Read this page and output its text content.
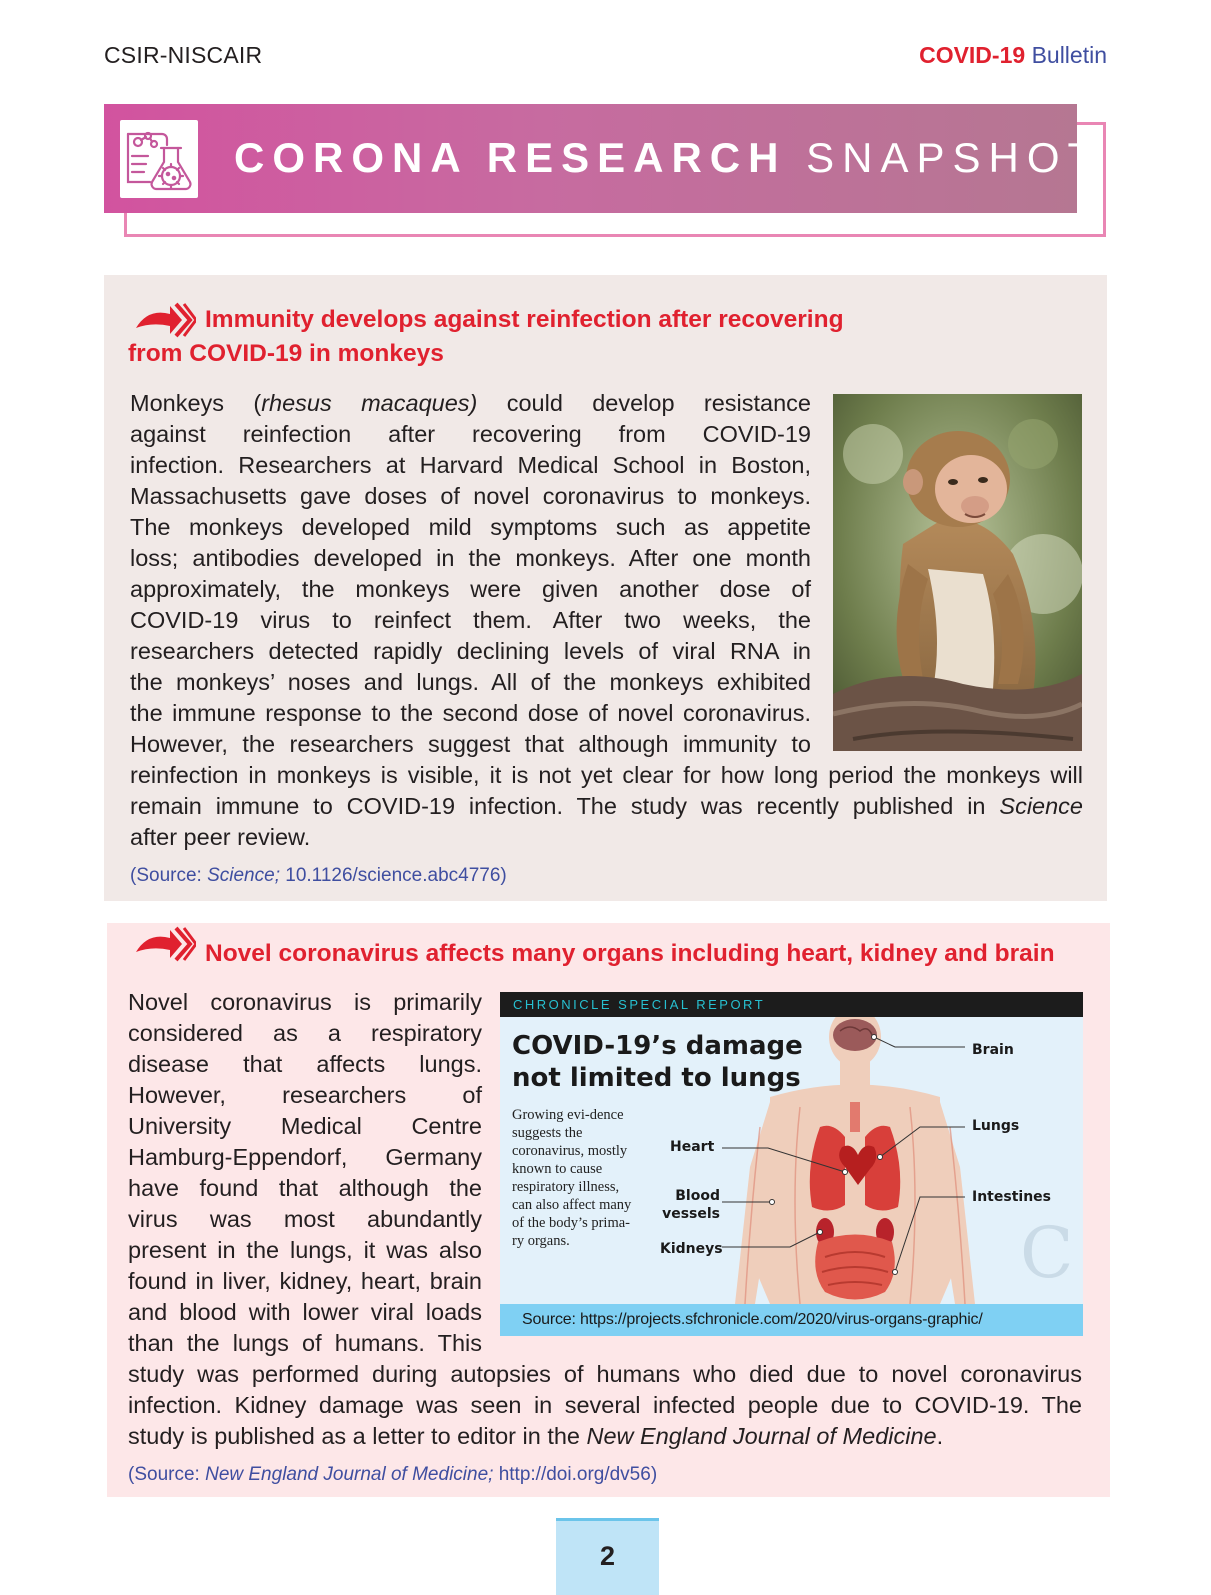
CSIR-NISCAIR	COVID-19 Bulletin
CORONA RESEARCH SNAPSHOT
Immunity develops against reinfection after recovering
from COVID-19 in monkeys
Monkeys (rhesus macaques) could develop resistance
against reinfection after recovering from COVID-19
infection. Researchers at Harvard Medical School in Boston,
Massachusetts gave doses of novel coronavirus to monkeys.
The monkeys developed mild symptoms such as appetite
loss; antibodies developed in the monkeys. After one month
approximately, the monkeys were given another dose of
COVID-19 virus to reinfect them. After two weeks, the
researchers detected rapidly declining levels of viral RNA in
the monkeys’ noses and lungs. All of the monkeys exhibited
the immune response to the second dose of novel coronavirus.
However, the researchers suggest that although immunity to
reinfection in monkeys is visible, it is not yet clear for how long period the monkeys will
remain immune to COVID-19 infection. The study was recently published in Science
after peer review.
(Source: Science; 10.1126/science.abc4776)
Novel coronavirus affects many organs including heart, kidney and brain
Novel coronavirus is primarily
considered as a respiratory
disease that affects lungs.
However, researchers of
University Medical Centre
Hamburg-Eppendorf, Germany
have found that although the
virus was most abundantly
present in the lungs, it was also
found in liver, kidney, heart, brain
and blood with lower viral loads
than the lungs of humans. This
study was performed during autopsies of humans who died due to novel coronavirus
infection. Kidney damage was seen in several infected people due to COVID-19. The
study is published as a letter to editor in the New England Journal of Medicine.
(Source: New England Journal of Medicine; http://doi.org/dv56)
CHRONICLE SPECIAL REPORT
C
COVID-19’s damage
not limited to lungs
Growing evi-dence suggests the coronavirus, mostly known to cause respiratory illness, can also affect many of the body’s prima-ry organs.
Brain
Lungs
Heart
Blood
vessels
Intestines
Kidneys
Source: https://projects.sfchronicle.com/2020/virus-organs-graphic/
2
